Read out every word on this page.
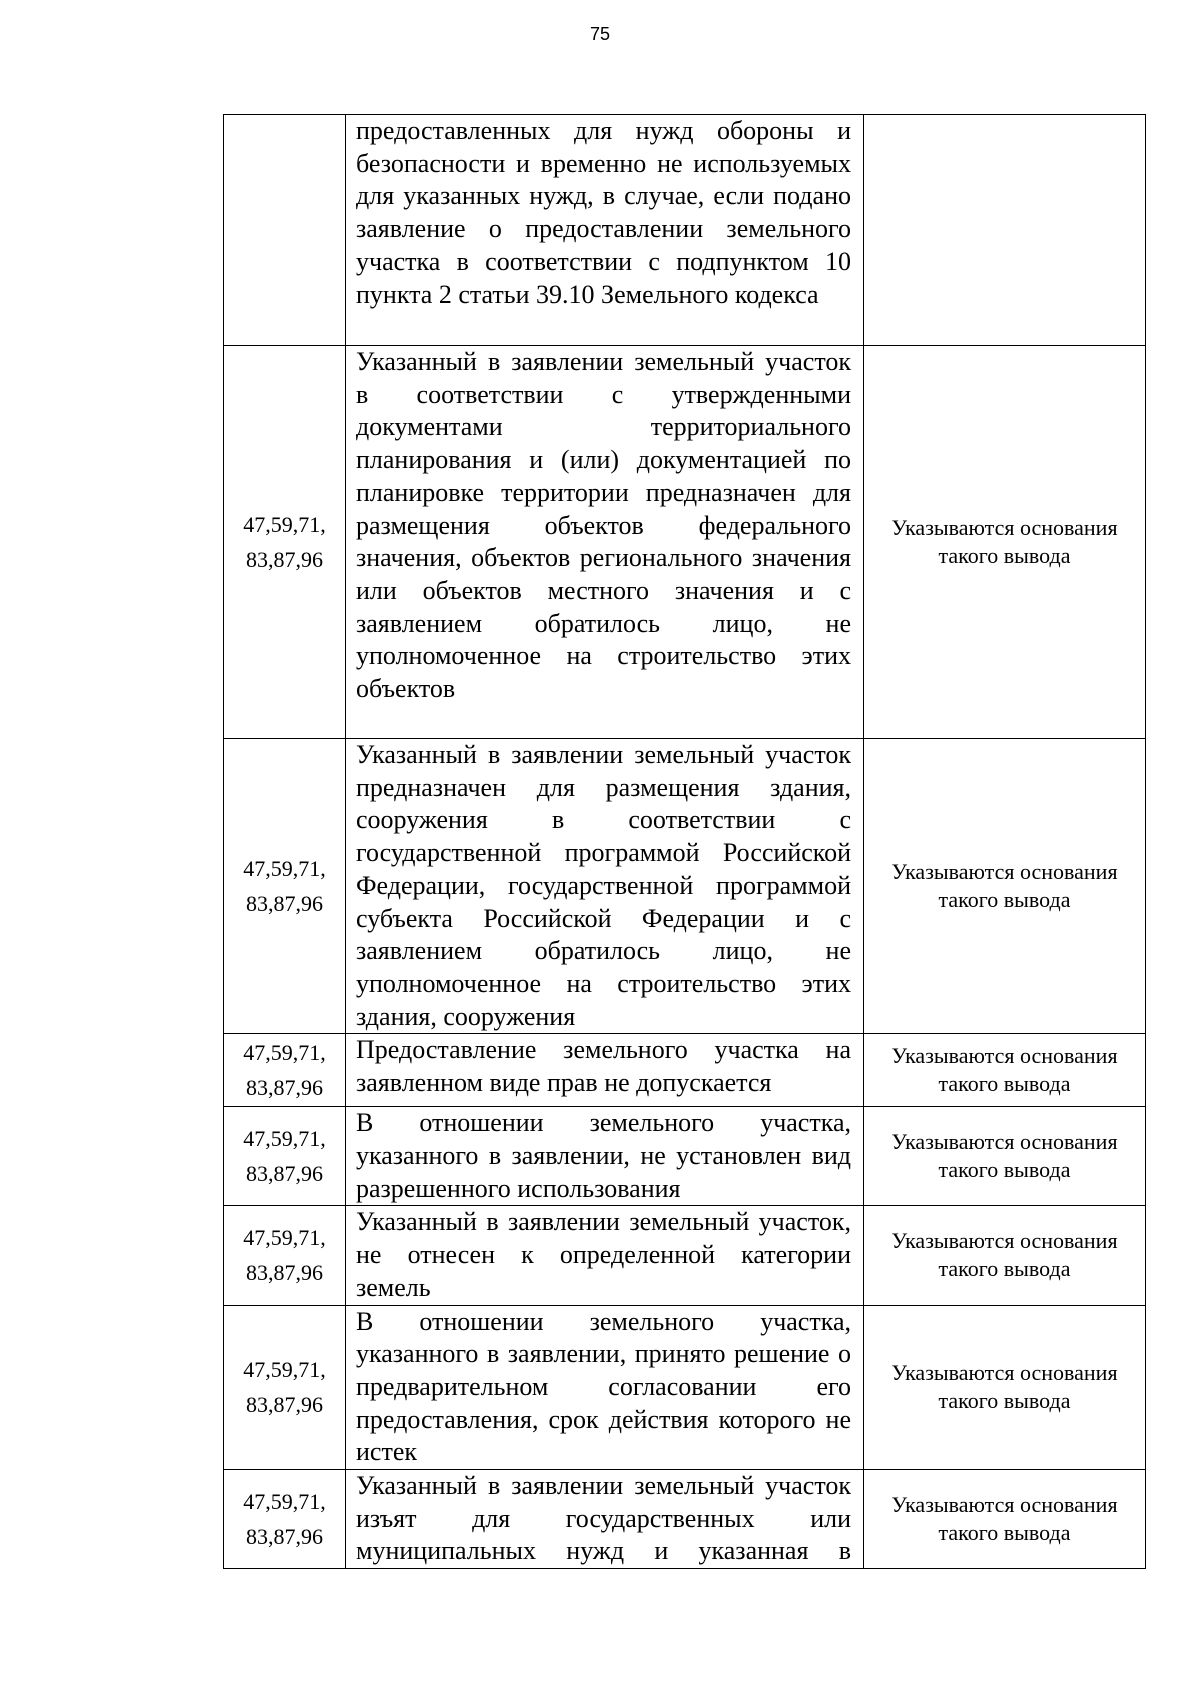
75

	предоставленных для нужд обороны и безопасности и временно не используемых для указанных нужд, в случае, если подано заявление о предоставлении земельного участка в соответствии с подпунктом 10 пункта 2 статьи 39.10 Земельного кодекса	

47,59,71, 83,87,96	Указанный в заявлении земельный участок в соответствии с утвержденными документами территориального планирования и (или) документацией по планировке территории предназначен для размещения объектов федерального значения, объектов регионального значения или объектов местного значения и с заявлением обратилось лицо, не уполномоченное на строительство этих объектов	Указываются основания такого вывода
47,59,71, 83,87,96	Указанный в заявлении земельный участок предназначен для размещения здания, сооружения в соответствии с государственной программой Российской Федерации, государственной программой субъекта Российской Федерации и с заявлением обратилось лицо, не уполномоченное на строительство этих здания, сооружения	Указываются основания такого вывода
47,59,71, 83,87,96	Предоставление земельного участка на заявленном виде прав не допускается	Указываются основания такого вывода
47,59,71, 83,87,96	В отношении земельного участка, указанного в заявлении, не установлен вид разрешенного использования	Указываются основания такого вывода
47,59,71, 83,87,96	Указанный в заявлении земельный участок, не отнесен к определенной категории земель	Указываются основания такого вывода
47,59,71, 83,87,96	В отношении земельного участка, указанного в заявлении, принято решение о предварительном согласовании его предоставления, срок действия которого не истек	Указываются основания такого вывода
47,59,71, 83,87,96	Указанный в заявлении земельный участок изъят для государственных или муниципальных нужд и указанная в	Указываются основания такого вывода
